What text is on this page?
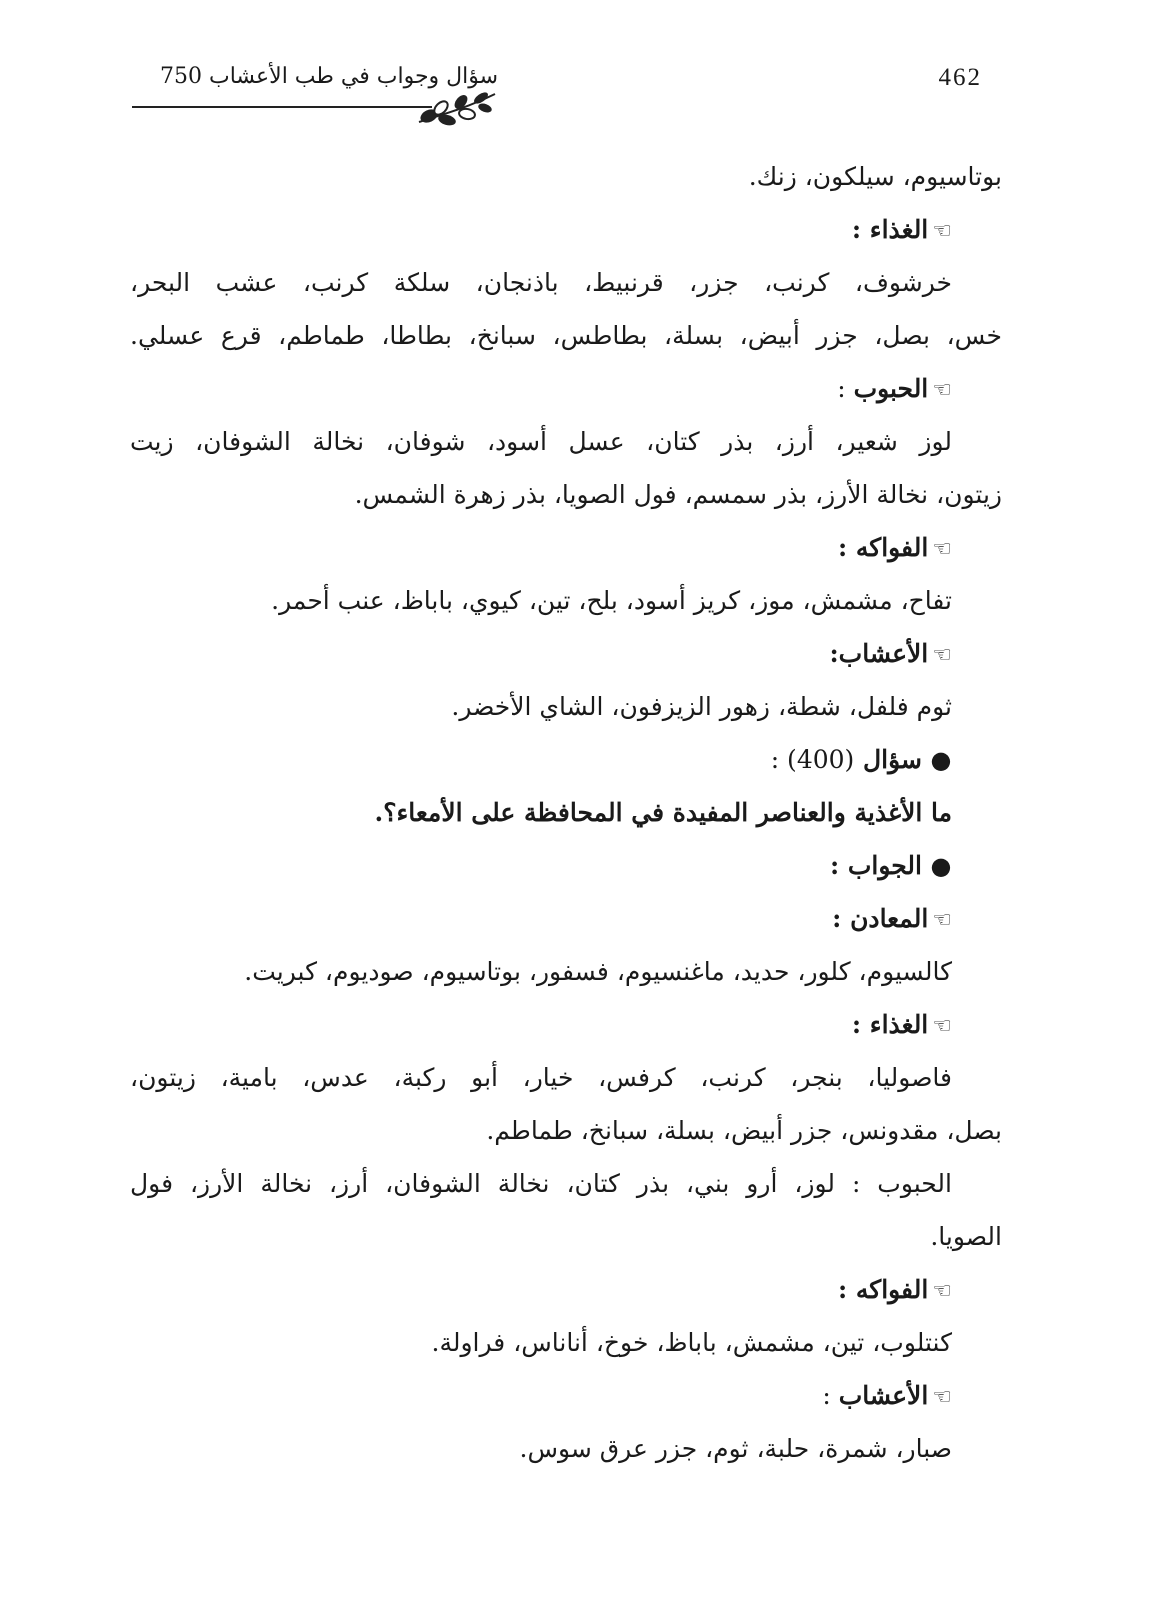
462
750 سؤال وجواب في طب الأعشاب
بوتاسيوم، سيلكون، زنك.
☜الغذاء :
خرشوف، كرنب، جزر، قرنبيط، باذنجان، سلكة كرنب، عشب البحر،
خس، بصل، جزر أبيض، بسلة، بطاطس، سبانخ، بطاطا، طماطم، قرع عسلي.
☜الحبوب :
لوز شعير، أرز، بذر كتان، عسل أسود، شوفان، نخالة الشوفان، زيت
زيتون، نخالة الأرز، بذر سمسم، فول الصويا، بذر زهرة الشمس.
☜الفواكه :
تفاح، مشمش، موز، كريز أسود، بلح، تين، كيوي، باباظ، عنب أحمر.
☜الأعشاب:
ثوم فلفل، شطة، زهور الزيزفون، الشاي الأخضر.
●سؤال (400) :
ما الأغذية والعناصر المفيدة في المحافظة على الأمعاء؟.
●الجواب :
☜المعادن :
كالسيوم، كلور، حديد، ماغنسيوم، فسفور، بوتاسيوم، صوديوم، كبريت.
☜الغذاء :
فاصوليا، بنجر، كرنب، كرفس، خيار، أبو ركبة، عدس، بامية، زيتون،
بصل، مقدونس، جزر أبيض، بسلة، سبانخ، طماطم.
الحبوب : لوز، أرو بني، بذر كتان، نخالة الشوفان، أرز، نخالة الأرز، فول
الصويا.
☜الفواكه :
كنتلوب، تين، مشمش، باباظ، خوخ، أناناس، فراولة.
☜الأعشاب :
صبار، شمرة، حلبة، ثوم، جزر عرق سوس.
